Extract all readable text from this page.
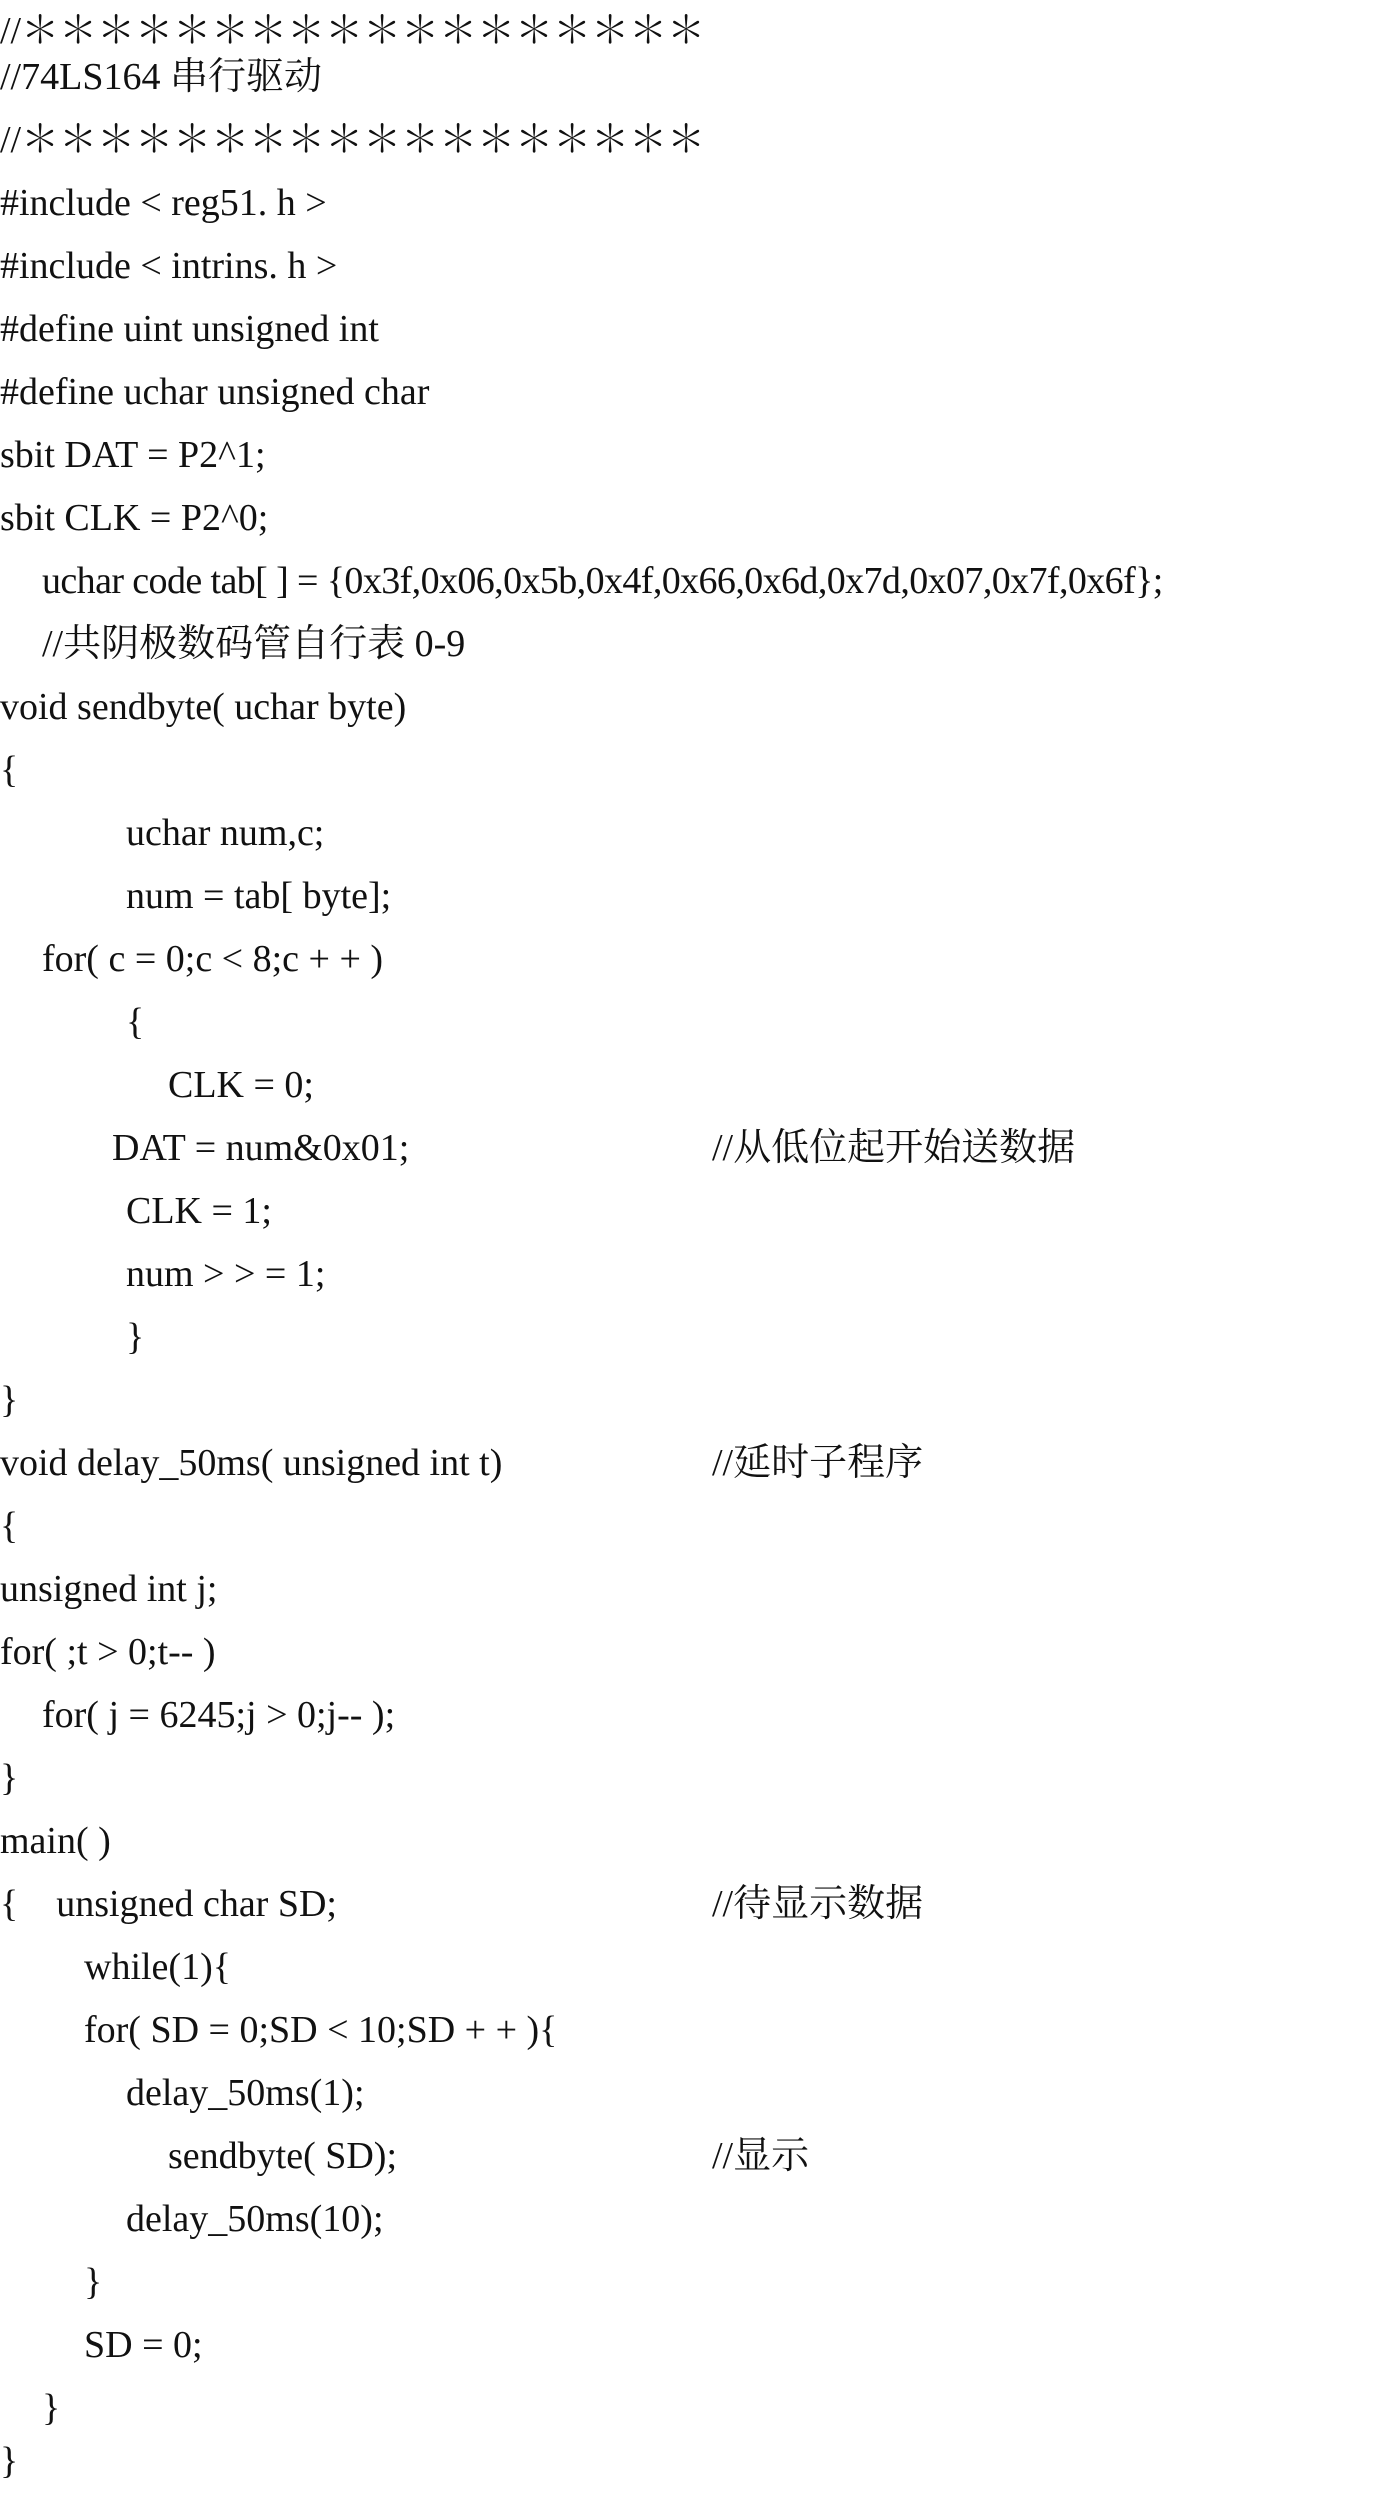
//＊＊＊＊＊＊＊＊＊＊＊＊＊＊＊＊＊＊
//74LS164 串行驱动
//＊＊＊＊＊＊＊＊＊＊＊＊＊＊＊＊＊＊
#include < reg51. h >
#include < intrins. h >
#define uint unsigned int
#define uchar unsigned char
sbit DAT = P2^1;
sbit CLK = P2^0;
uchar code tab[ ] = {0x3f,0x06,0x5b,0x4f,0x66,0x6d,0x7d,0x07,0x7f,0x6f};
//共阴极数码管自行表 0-9
void sendbyte( uchar byte)
{
uchar num,c;
num = tab[ byte];
for( c = 0;c < 8;c + + )
{
CLK = 0;
DAT = num&0x01;	//从低位起开始送数据
CLK = 1;
num > > = 1;
}
}
void delay_50ms( unsigned int t)	//延时子程序
{
unsigned int j;
for( ;t > 0;t-- )
for( j = 6245;j > 0;j-- );
}
main( )
{    unsigned char SD;	//待显示数据
while(1){
for( SD = 0;SD < 10;SD + + ){
delay_50ms(1);
sendbyte( SD);	//显示
delay_50ms(10);
}
SD = 0;
}
}
